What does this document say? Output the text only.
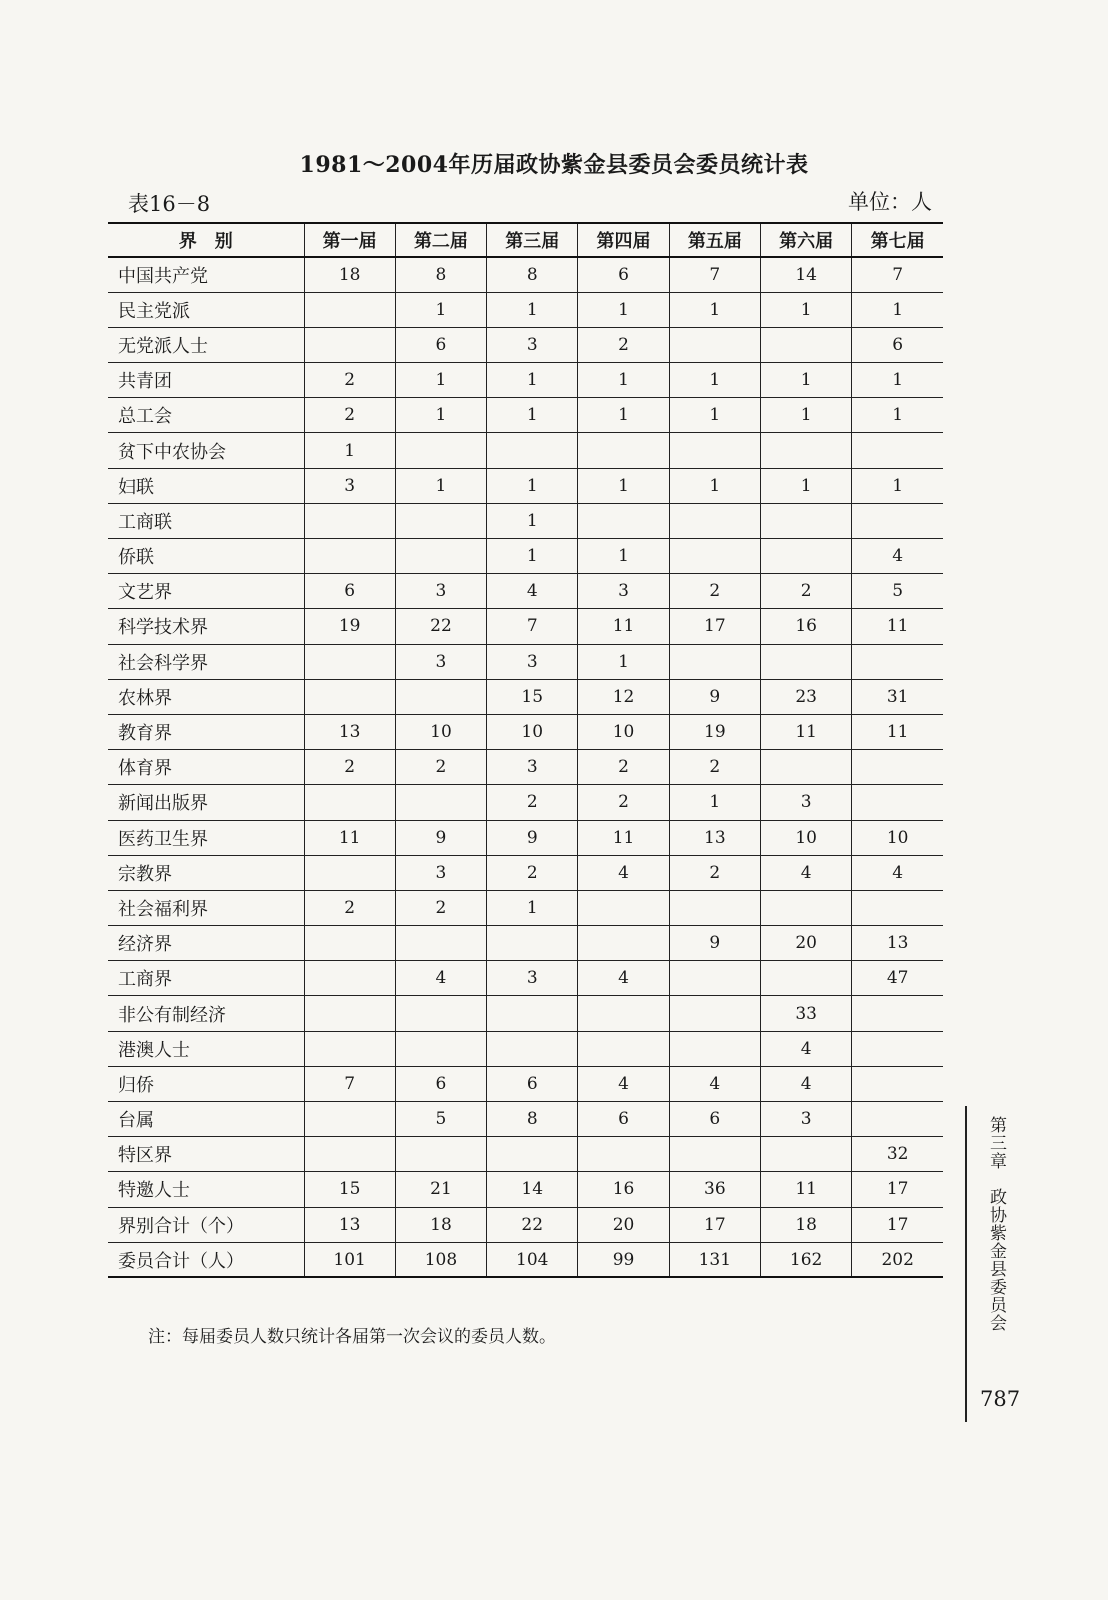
1981～2004年历届政协紫金县委员会委员统计表
表16－8	单位：人
界　别	第一届	第二届	第三届	第四届	第五届	第六届	第七届
中国共产党	18	8	8	6	7	14	7
民主党派		1	1	1	1	1	1
无党派人士		6	3	2			6
共青团	2	1	1	1	1	1	1
总工会	2	1	1	1	1	1	1
贫下中农协会	1						
妇联	3	1	1	1	1	1	1
工商联			1				
侨联			1	1			4
文艺界	6	3	4	3	2	2	5
科学技术界	19	22	7	11	17	16	11
社会科学界		3	3	1			
农林界			15	12	9	23	31
教育界	13	10	10	10	19	11	11
体育界	2	2	3	2	2		
新闻出版界			2	2	1	3	
医药卫生界	11	9	9	11	13	10	10
宗教界		3	2	4	2	4	4
社会福利界	2	2	1				
经济界					9	20	13
工商界		4	3	4			47
非公有制经济						33	
港澳人士						4	
归侨	7	6	6	4	4	4	
台属		5	8	6	6	3	
特区界							32
特邀人士	15	21	14	16	36	11	17
界别合计（个）	13	18	22	20	17	18	17
委员合计（人）	101	108	104	99	131	162	202
注：每届委员人数只统计各届第一次会议的委员人数。
第三章　政协紫金县委员会
787
